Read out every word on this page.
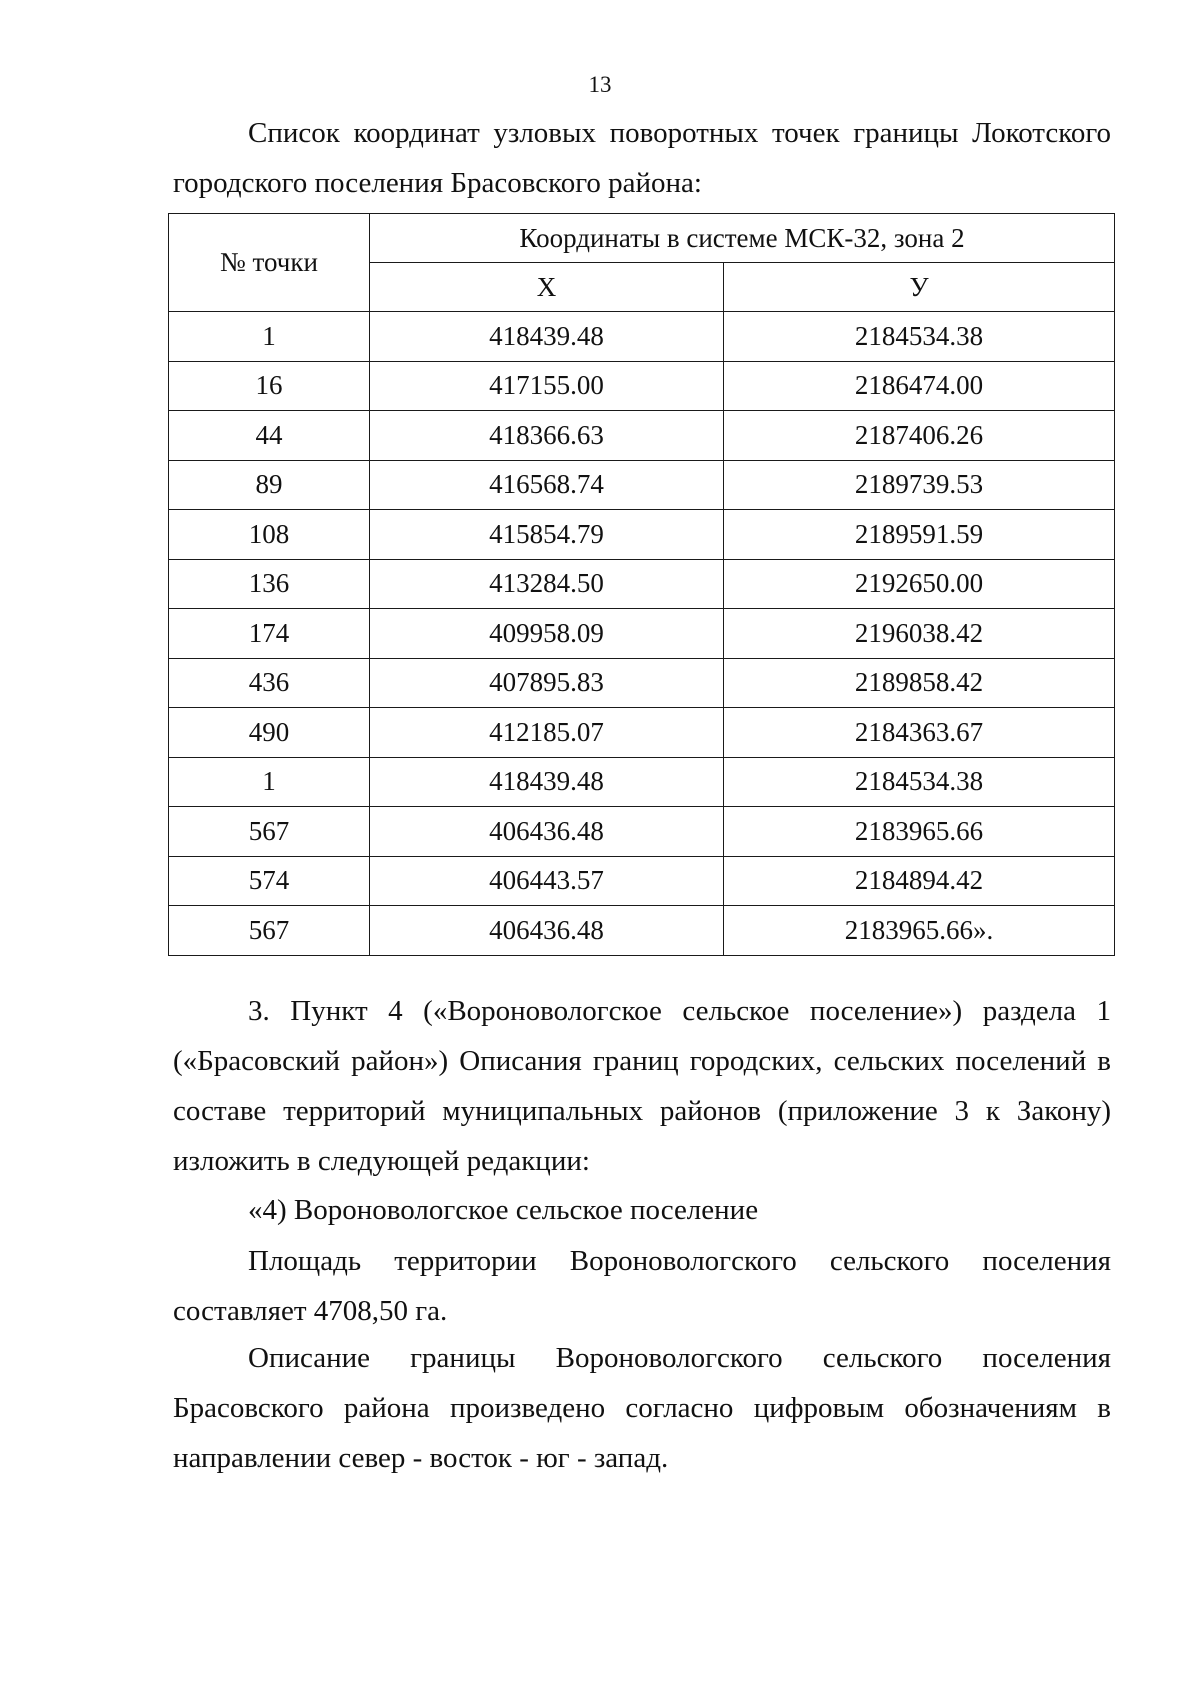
13
Список координат узловых поворотных точек границы Локотского
городского поселения Брасовского района:
№ точки	Координаты в системе МСК-32, зона 2	
	X	У
1	418439.48	2184534.38
16	417155.00	2186474.00
44	418366.63	2187406.26
89	416568.74	2189739.53
108	415854.79	2189591.59
136	413284.50	2192650.00
174	409958.09	2196038.42
436	407895.83	2189858.42
490	412185.07	2184363.67
1	418439.48	2184534.38
567	406436.48	2183965.66
574	406443.57	2184894.42
567	406436.48	2183965.66».

3. Пункт 4 («Вороновологское сельское поселение») раздела 1 («Брасовский район») Описания границ городских, сельских поселений в составе территорий муниципальных районов (приложение 3 к Закону) изложить в следующей редакции:

«4) Вороновологское сельское поселение

Площадь территории Вороновологского сельского поселения составляет 4708,50 га.

Описание границы Вороновологского сельского поселения Брасовского района произведено согласно цифровым обозначениям в направлении север - восток - юг - запад.
